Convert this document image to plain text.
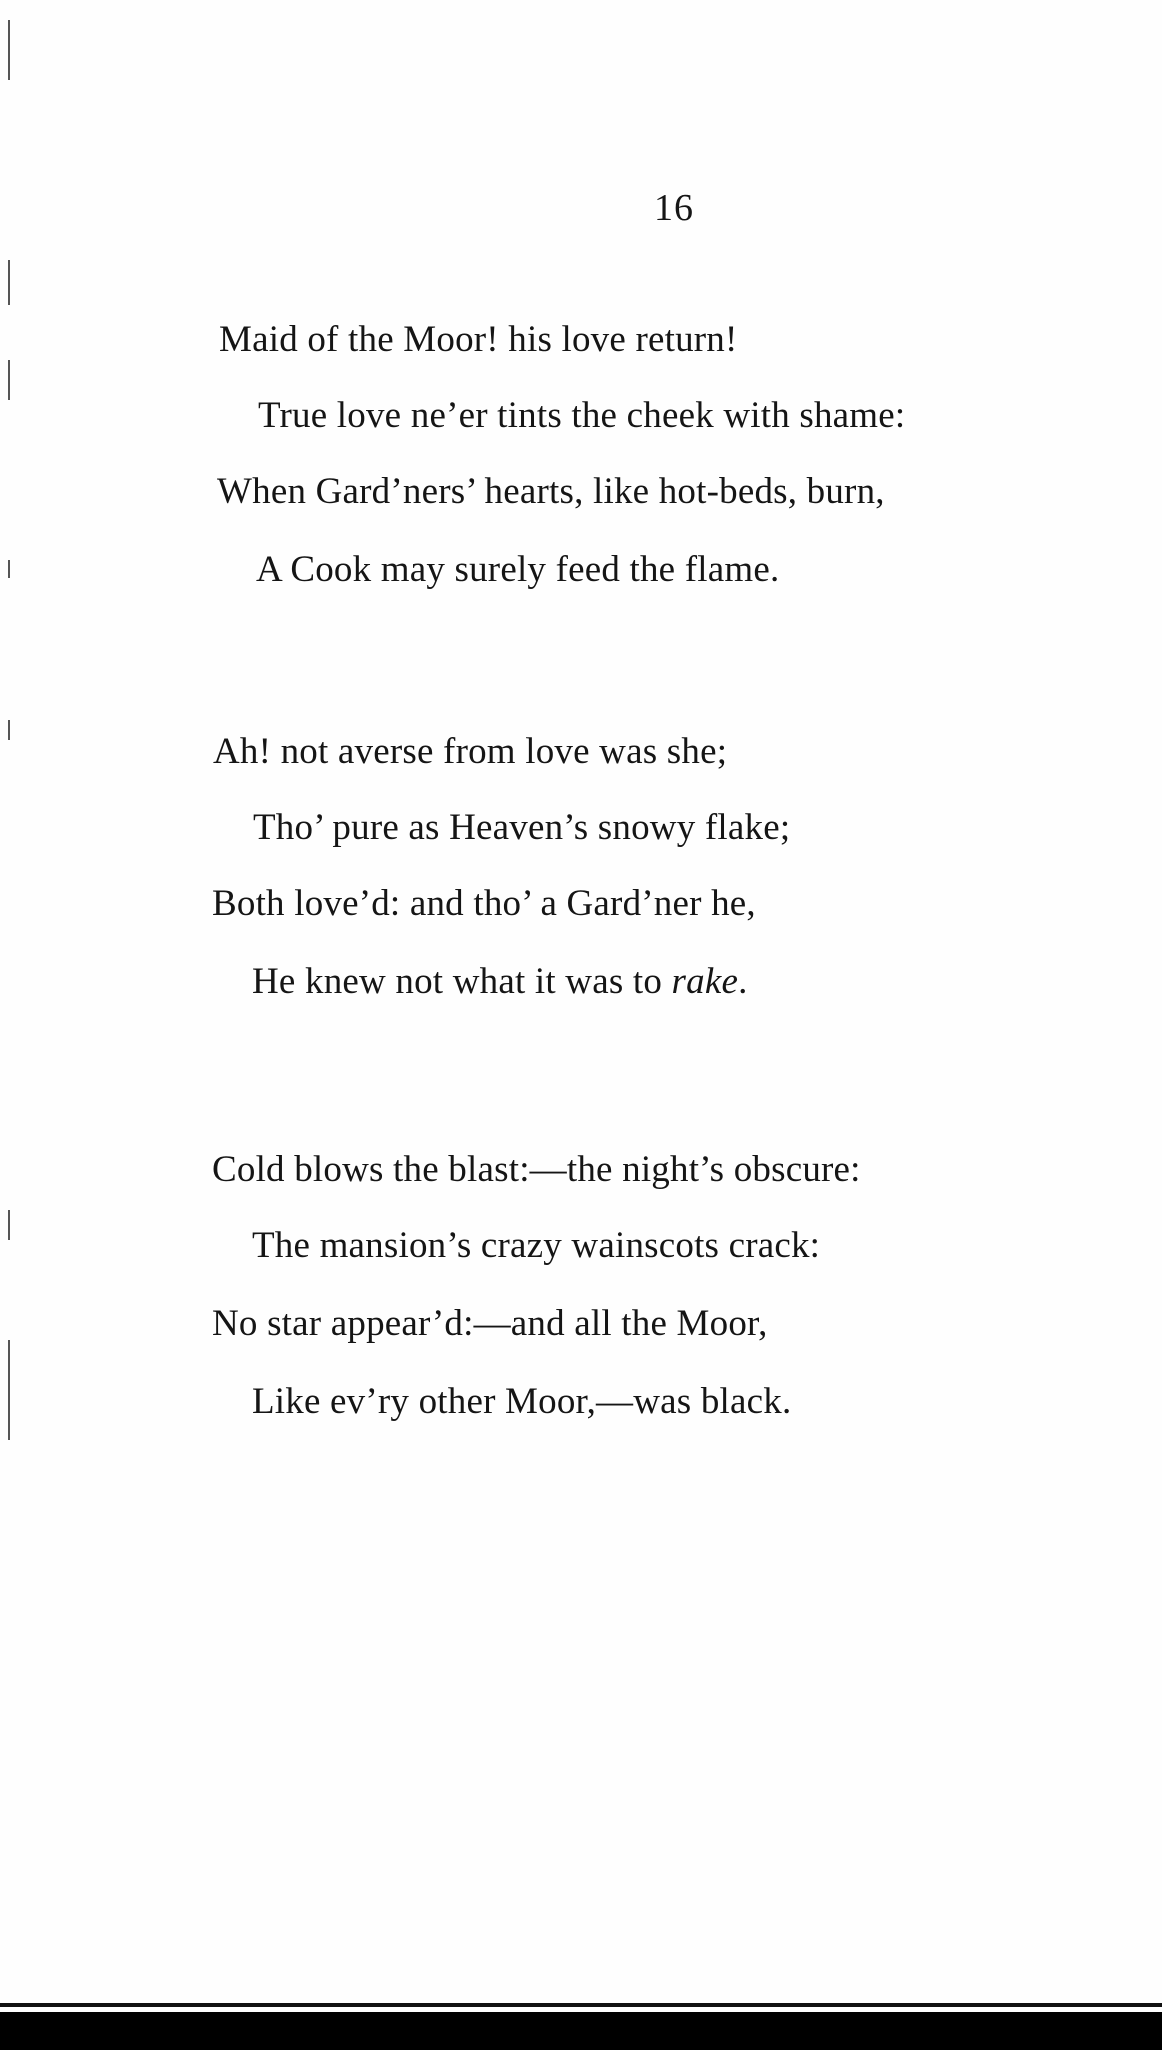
16
Maid of the Moor! his love return!
True love ne’er tints the cheek with shame:
When Gard’ners’ hearts, like hot-beds, burn,
A Cook may surely feed the flame.
Ah! not averse from love was she;
Tho’ pure as Heaven’s snowy flake;
Both love’d: and tho’ a Gard’ner he,
He knew not what it was to rake.
Cold blows the blast:—the night’s obscure:
The mansion’s crazy wainscots crack:
No star appear’d:—and all the Moor,
Like ev’ry other Moor,—was black.
